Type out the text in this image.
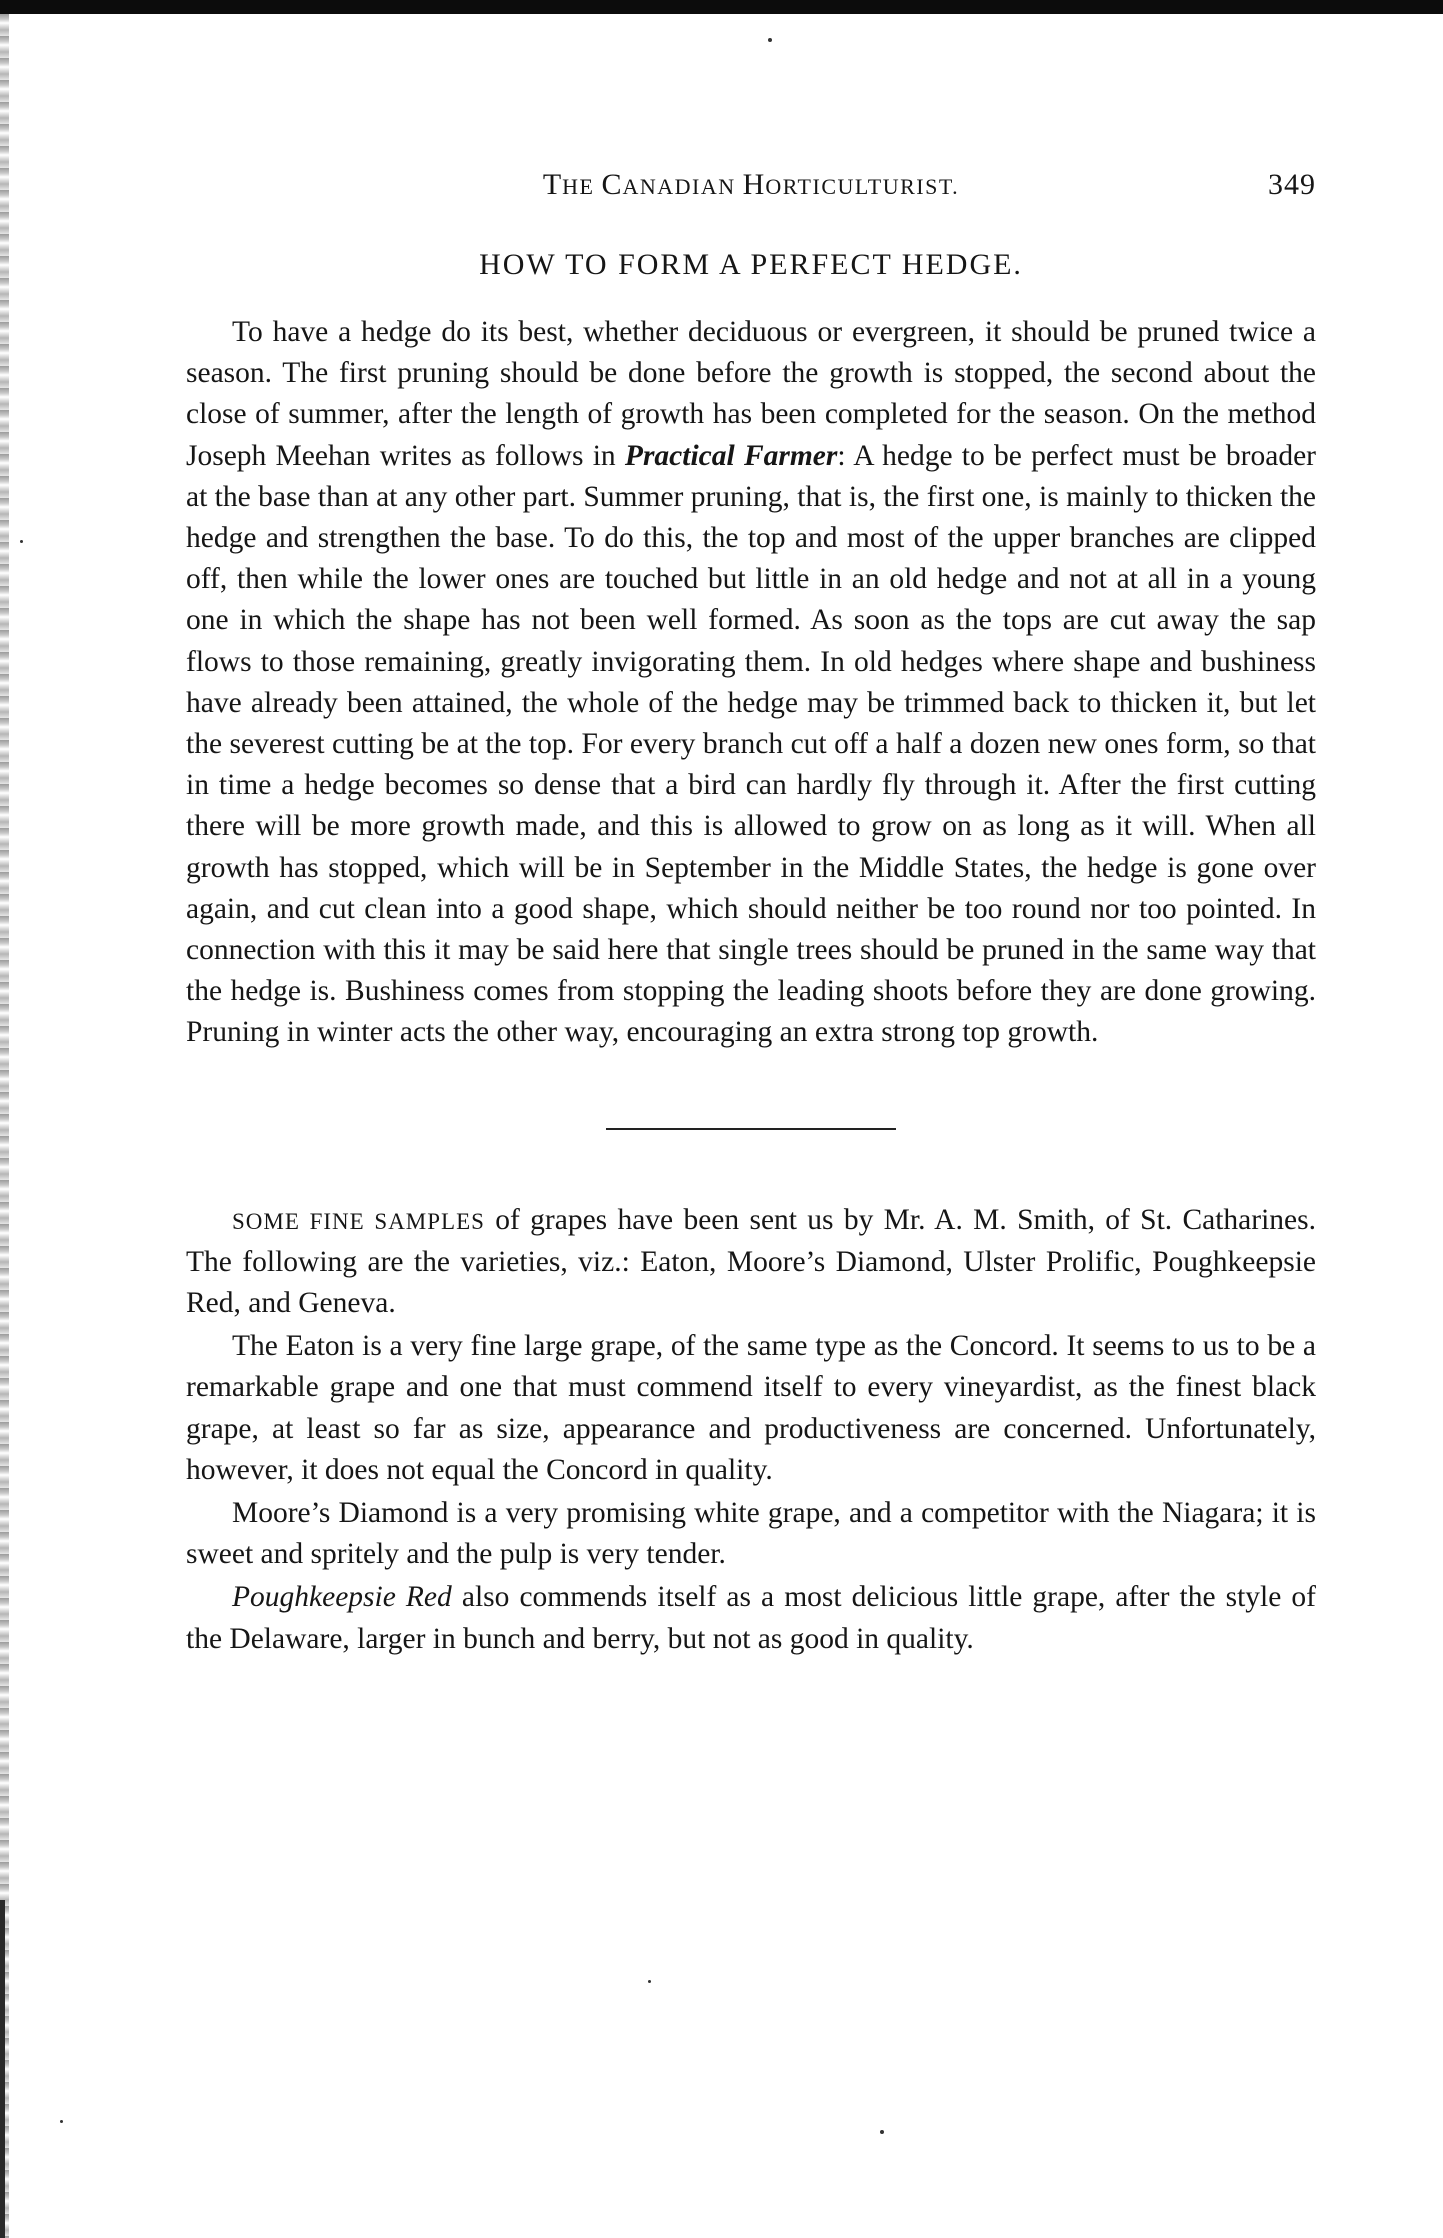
THE CANADIAN HORTICULTURIST.	349
HOW TO FORM A PERFECT HEDGE.

To have a hedge do its best, whether deciduous or evergreen, it should be pruned twice a season. The first pruning should be done before the growth is stopped, the second about the close of summer, after the length of growth has been completed for the season. On the method Joseph Meehan writes as follows in Practical Farmer: A hedge to be perfect must be broader at the base than at any other part. Summer pruning, that is, the first one, is mainly to thicken the hedge and strengthen the base. To do this, the top and most of the upper branches are clipped off, then while the lower ones are touched but little in an old hedge and not at all in a young one in which the shape has not been well formed. As soon as the tops are cut away the sap flows to those remaining, greatly invigorating them. In old hedges where shape and bushiness have already been attained, the whole of the hedge may be trimmed back to thicken it, but let the severest cutting be at the top. For every branch cut off a half a dozen new ones form, so that in time a hedge becomes so dense that a bird can hardly fly through it. After the first cutting there will be more growth made, and this is allowed to grow on as long as it will. When all growth has stopped, which will be in September in the Middle States, the hedge is gone over again, and cut clean into a good shape, which should neither be too round nor too pointed. In connection with this it may be said here that single trees should be pruned in the same way that the hedge is. Bushiness comes from stopping the leading shoots before they are done growing. Pruning in winter acts the other way, encouraging an extra strong top growth.

SOME FINE SAMPLES of grapes have been sent us by Mr. A. M. Smith, of St. Catharines. The following are the varieties, viz.: Eaton, Moore’s Diamond, Ulster Prolific, Poughkeepsie Red, and Geneva.

The Eaton is a very fine large grape, of the same type as the Concord. It seems to us to be a remarkable grape and one that must commend itself to every vineyardist, as the finest black grape, at least so far as size, appearance and productiveness are concerned. Unfortunately, however, it does not equal the Concord in quality.

Moore’s Diamond is a very promising white grape, and a competitor with the Niagara; it is sweet and spritely and the pulp is very tender.

Poughkeepsie Red also commends itself as a most delicious little grape, after the style of the Delaware, larger in bunch and berry, but not as good in quality.
